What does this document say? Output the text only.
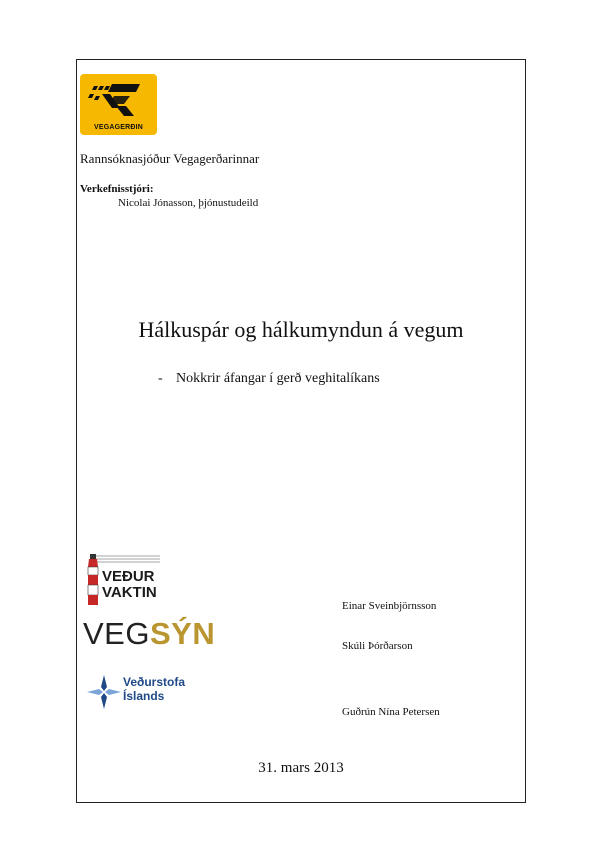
VEGAGERÐIN
Rannsóknasjóður Vegagerðarinnar
Verkefnisstjóri:
Nicolai Jónasson, þjónustudeild
Hálkuspár og hálkumyndun á vegum
- Nokkrir áfangar í gerð veghitalíkans
VEÐUR
VAKTIN
VEGSÝN
Veðurstofa
Íslands
Einar Sveinbjörnsson
Skúli Þórðarson
Guðrún Nína Petersen
31. mars 2013
